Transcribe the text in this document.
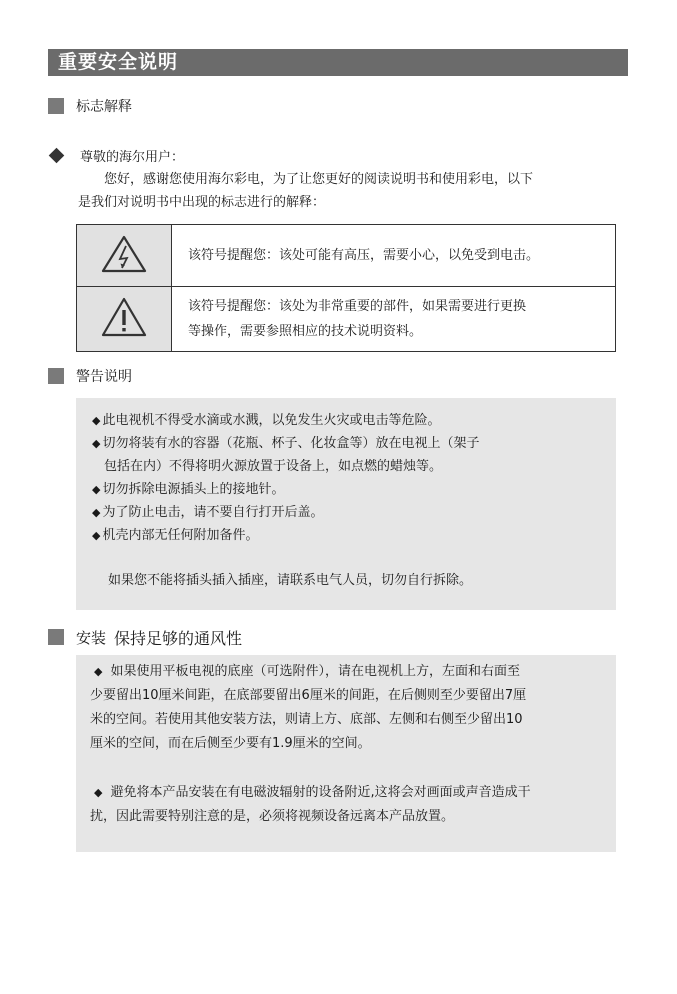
重要安全说明
标志解释
尊敬的海尔用户：
您好，感谢您使用海尔彩电，为了让您更好的阅读说明书和使用彩电，以下
是我们对说明书中出现的标志进行的解释：
	该符号提醒您：该处可能有高压，需要小心，以免受到电击。

该符号提醒您：该处为非常重要的部件，如果需要进行更换
等操作，需要参照相应的技术说明资料。
警告说明
◆ 此电视机不得受水滴或水溅，以免发生火灾或电击等危险。
◆ 切勿将装有水的容器（花瓶、杯子、化妆盒等）放在电视上（架子
包括在内）不得将明火源放置于设备上，如点燃的蜡烛等。
◆ 切勿拆除电源插头上的接地针。
◆ 为了防止电击，请不要自行打开后盖。
◆ 机壳内部无任何附加备件。
如果您不能将插头插入插座，请联系电气人员，切勿自行拆除。
安装 保持足够的通风性
◆ 如果使用平板电视的底座（可选附件），请在电视机上方，左面和右面至
少要留出10厘米间距，在底部要留出6厘米的间距，在后侧则至少要留出7厘
米的空间。若使用其他安装方法，则请上方、底部、左侧和右侧至少留出10
厘米的空间，而在后侧至少要有1.9厘米的空间。
◆ 避免将本产品安装在有电磁波辐射的设备附近,这将会对画面或声音造成干
扰，因此需要特别注意的是，必须将视频设备远离本产品放置。
